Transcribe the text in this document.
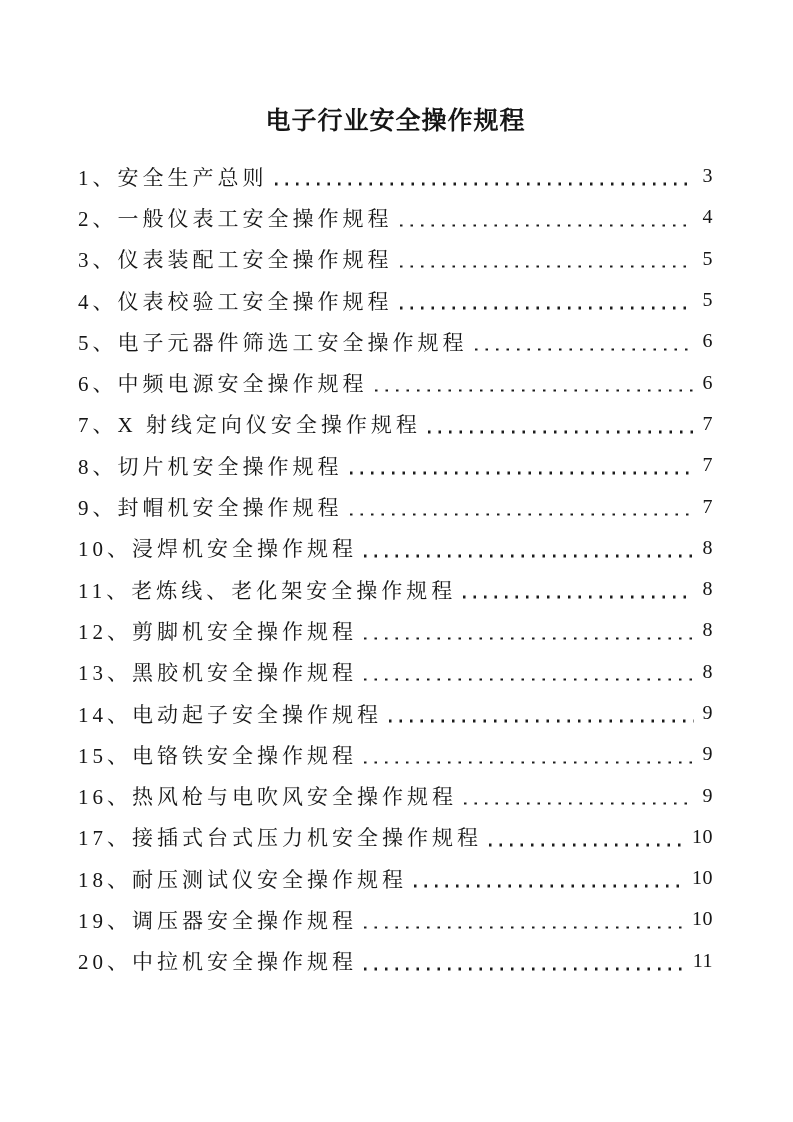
电子行业安全操作规程
1、安全生产总则	3
2、一般仪表工安全操作规程	4
3、仪表装配工安全操作规程	5
4、仪表校验工安全操作规程	5
5、电子元器件筛选工安全操作规程	6
6、中频电源安全操作规程	6
7、X 射线定向仪安全操作规程	7
8、切片机安全操作规程	7
9、封帽机安全操作规程	7
10、浸焊机安全操作规程	8
11、老炼线、老化架安全操作规程	8
12、剪脚机安全操作规程	8
13、黑胶机安全操作规程	8
14、电动起子安全操作规程	9
15、电铬铁安全操作规程	9
16、热风枪与电吹风安全操作规程	9
17、接插式台式压力机安全操作规程	10
18、耐压测试仪安全操作规程	10
19、调压器安全操作规程	10
20、中拉机安全操作规程	11
